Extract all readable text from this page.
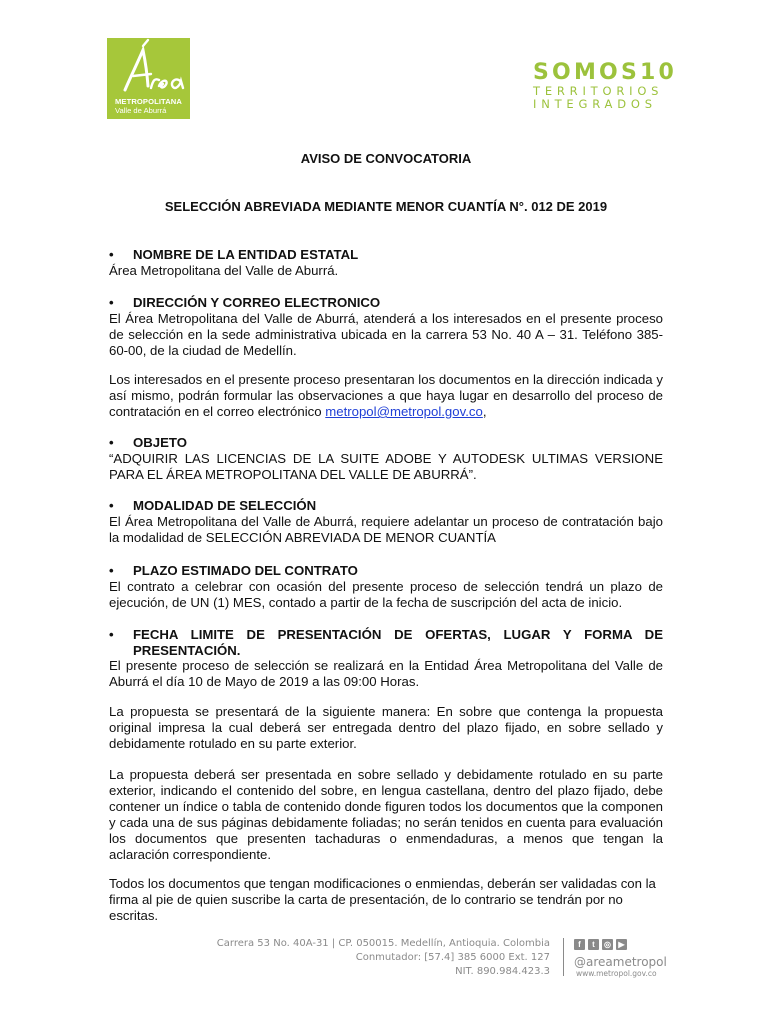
METROPOLITANA
Valle de Aburrá
SOMOS10
TERRITORIOS
INTEGRADOS

AVISO DE CONVOCATORIA

SELECCIÓN ABREVIADA MEDIANTE MENOR CUANTÍA N°. 012 DE 2019

• NOMBRE DE LA ENTIDAD ESTATAL

Área Metropolitana del Valle de Aburrá.

• DIRECCIÓN Y CORREO ELECTRONICO

El Área Metropolitana del Valle de Aburrá, atenderá a los interesados en el presente proceso de selección en la sede administrativa ubicada en la carrera 53 No. 40 A – 31. Teléfono 385-60-00, de la ciudad de Medellín.

Los interesados en el presente proceso presentaran los documentos en la dirección indicada y así mismo, podrán formular las observaciones a que haya lugar en desarrollo del proceso de contratación en el correo electrónico metropol@metropol.gov.co,

• OBJETO

“ADQUIRIR LAS LICENCIAS DE LA SUITE ADOBE Y AUTODESK ULTIMAS VERSIONE PARA EL ÁREA METROPOLITANA DEL VALLE DE ABURRÁ”.

• MODALIDAD DE SELECCIÓN

El Área Metropolitana del Valle de Aburrá, requiere adelantar un proceso de contratación bajo la modalidad de SELECCIÓN ABREVIADA DE MENOR CUANTÍA

• PLAZO ESTIMADO DEL CONTRATO

El contrato a celebrar con ocasión del presente proceso de selección tendrá un plazo de ejecución, de UN (1) MES, contado a partir de la fecha de suscripción del acta de inicio.

• FECHA LIMITE DE PRESENTACIÓN DE OFERTAS, LUGAR Y FORMA DE PRESENTACIÓN.

El presente proceso de selección se realizará en la Entidad Área Metropolitana del Valle de Aburrá el día 10 de Mayo de 2019 a las 09:00 Horas.

La propuesta se presentará de la siguiente manera: En sobre que contenga la propuesta original impresa la cual deberá ser entregada dentro del plazo fijado, en sobre sellado y debidamente rotulado en su parte exterior.

La propuesta deberá ser presentada en sobre sellado y debidamente rotulado en su parte exterior, indicando el contenido del sobre, en lengua castellana, dentro del plazo fijado, debe contener un índice o tabla de contenido donde figuren todos los documentos que la componen y cada una de sus páginas debidamente foliadas; no serán tenidos en cuenta para evaluación los documentos que presenten tachaduras o enmendaduras, a menos que tengan la aclaración correspondiente.

Todos los documentos que tengan modificaciones o enmiendas, deberán ser validadas con la firma al pie de quien suscribe la carta de presentación, de lo contrario se tendrán por no escritas.

Carrera 53 No. 40A-31 | CP. 050015. Medellín, Antioquia. Colombia
Conmutador: [57.4] 385 6000 Ext. 127
NIT. 890.984.423.3
f	t	◎ ▶
@areametropol
www.metropol.gov.co
